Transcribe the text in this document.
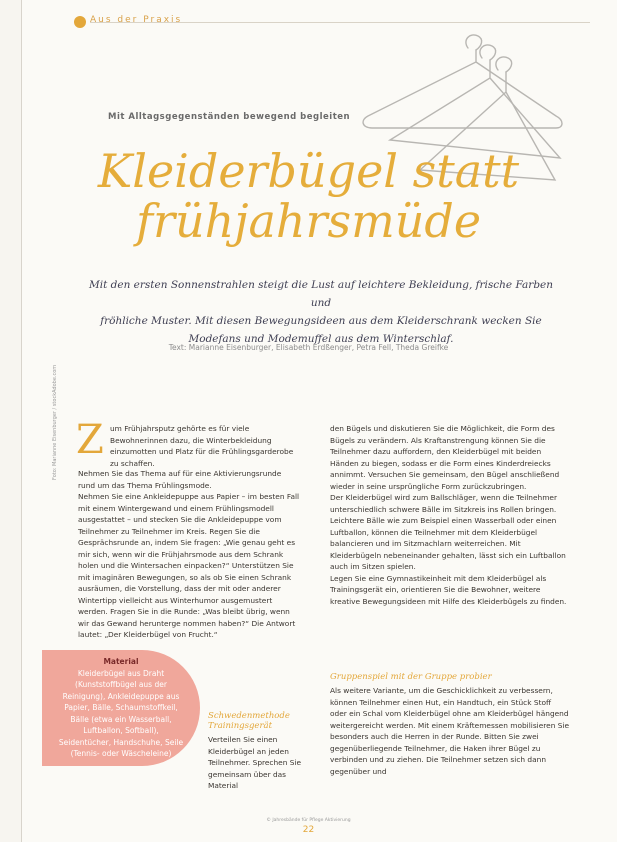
Aus der Praxis
Mit Alltagsgegenständen bewegend begleiten
Kleiderbügel statt
frühjahrsmüde
Mit den ersten Sonnenstrahlen steigt die Lust auf leichtere Bekleidung, frische Farben und
fröhliche Muster. Mit diesen Bewegungsideen aus dem Kleiderschrank wecken Sie
Modefans und Modemuffel aus dem Winterschlaf.
Text: Marianne Eisenburger, Elisabeth Erdßenger, Petra Fell, Theda Greifke
Foto: Marianne Eisenburger / stockAdobe.com Z um Frühjahrsputz gehörte es für viele Bewohnerinnen dazu, die Winterbekleidung einzumotten und Platz für die Frühlingsgarderobe zu schaffen.

Nehmen Sie das Thema auf für eine Aktivierungsrunde rund um das Thema Frühlingsmode.

Nehmen Sie eine Ankleidepuppe aus Papier – im besten Fall mit einem Wintergewand und einem Frühlingsmodell ausgestattet – und stecken Sie die Ankleidepuppe vom Teilnehmer zu Teilnehmer im Kreis. Regen Sie die Gesprächsrunde an, indem Sie fragen: „Wie genau geht es mir sich, wenn wir die Frühjahrsmode aus dem Schrank holen und die Wintersachen einpacken?“ Unterstützen Sie mit imaginären Bewegungen, so als ob Sie einen Schrank ausräumen, die Vorstellung, dass der mit oder anderer Wintertipp vielleicht aus Winterhumor ausgemustert werden. Fragen Sie in die Runde: „Was bleibt übrig, wenn wir das Gewand herunterge nommen haben?“ Die Antwort lautet: „Der Kleiderbügel von Frucht.“

den Bügels und diskutieren Sie die Möglichkeit, die Form des Bügels zu verändern. Als Kraftanstrengung können Sie die Teilnehmer dazu auffordern, den Kleiderbügel mit beiden Händen zu biegen, sodass er die Form eines Kinderdreiecks annimmt. Versuchen Sie gemeinsam, den Bügel anschließend wieder in seine ursprüngliche Form zurückzubringen.

Der Kleiderbügel wird zum Ballschläger, wenn die Teilnehmer unterschiedlich schwere Bälle im Sitzkreis ins Rollen bringen. Leichtere Bälle wie zum Beispiel einen Wasserball oder einen Luftballon, können die Teilnehmer mit dem Kleiderbügel balancieren und im Sitzmachlarn weiterreichen. Mit Kleiderbügeln nebeneinander gehalten, lässt sich ein Luftballon auch im Sitzen spielen.

Legen Sie eine Gymnastikeinheit mit dem Kleiderbügel als Trainingsgerät ein, orientieren Sie die Bewohner, weitere kreative Bewegungsideen mit Hilfe des Kleiderbügels zu finden.

Gruppenspiel mit der Gruppe probier

Als weitere Variante, um die Geschicklichkeit zu verbessern, können Teilnehmer einen Hut, ein Handtuch, ein Stück Stoff oder ein Schal vom Kleiderbügel ohne am Kleiderbügel hängend weitergereicht werden. Mit einem Kräftemessen mobilisieren Sie besonders auch die Herren in der Runde. Bitten Sie zwei gegenüberliegende Teilnehmer, die Haken ihrer Bügel zu verbinden und zu ziehen. Die Teilnehmer setzen sich dann gegenüber und

Schwedenmethode Trainingsgerät

Verteilen Sie einen Kleiderbügel an jeden Teilnehmer. Sprechen Sie gemeinsam über das Material

Material
Kleiderbügel aus Draht (Kunststoffbügel aus der Reinigung), Ankleidepuppe aus Papier, Bälle, Schaumstoffkeil, Bälle (etwa ein Wasserball, Luftballon, Softball), Seidentücher, Handschuhe, Seile (Tennis- oder Wäscheleine)
© Jahresbände für Pflege Aktivierung
22
